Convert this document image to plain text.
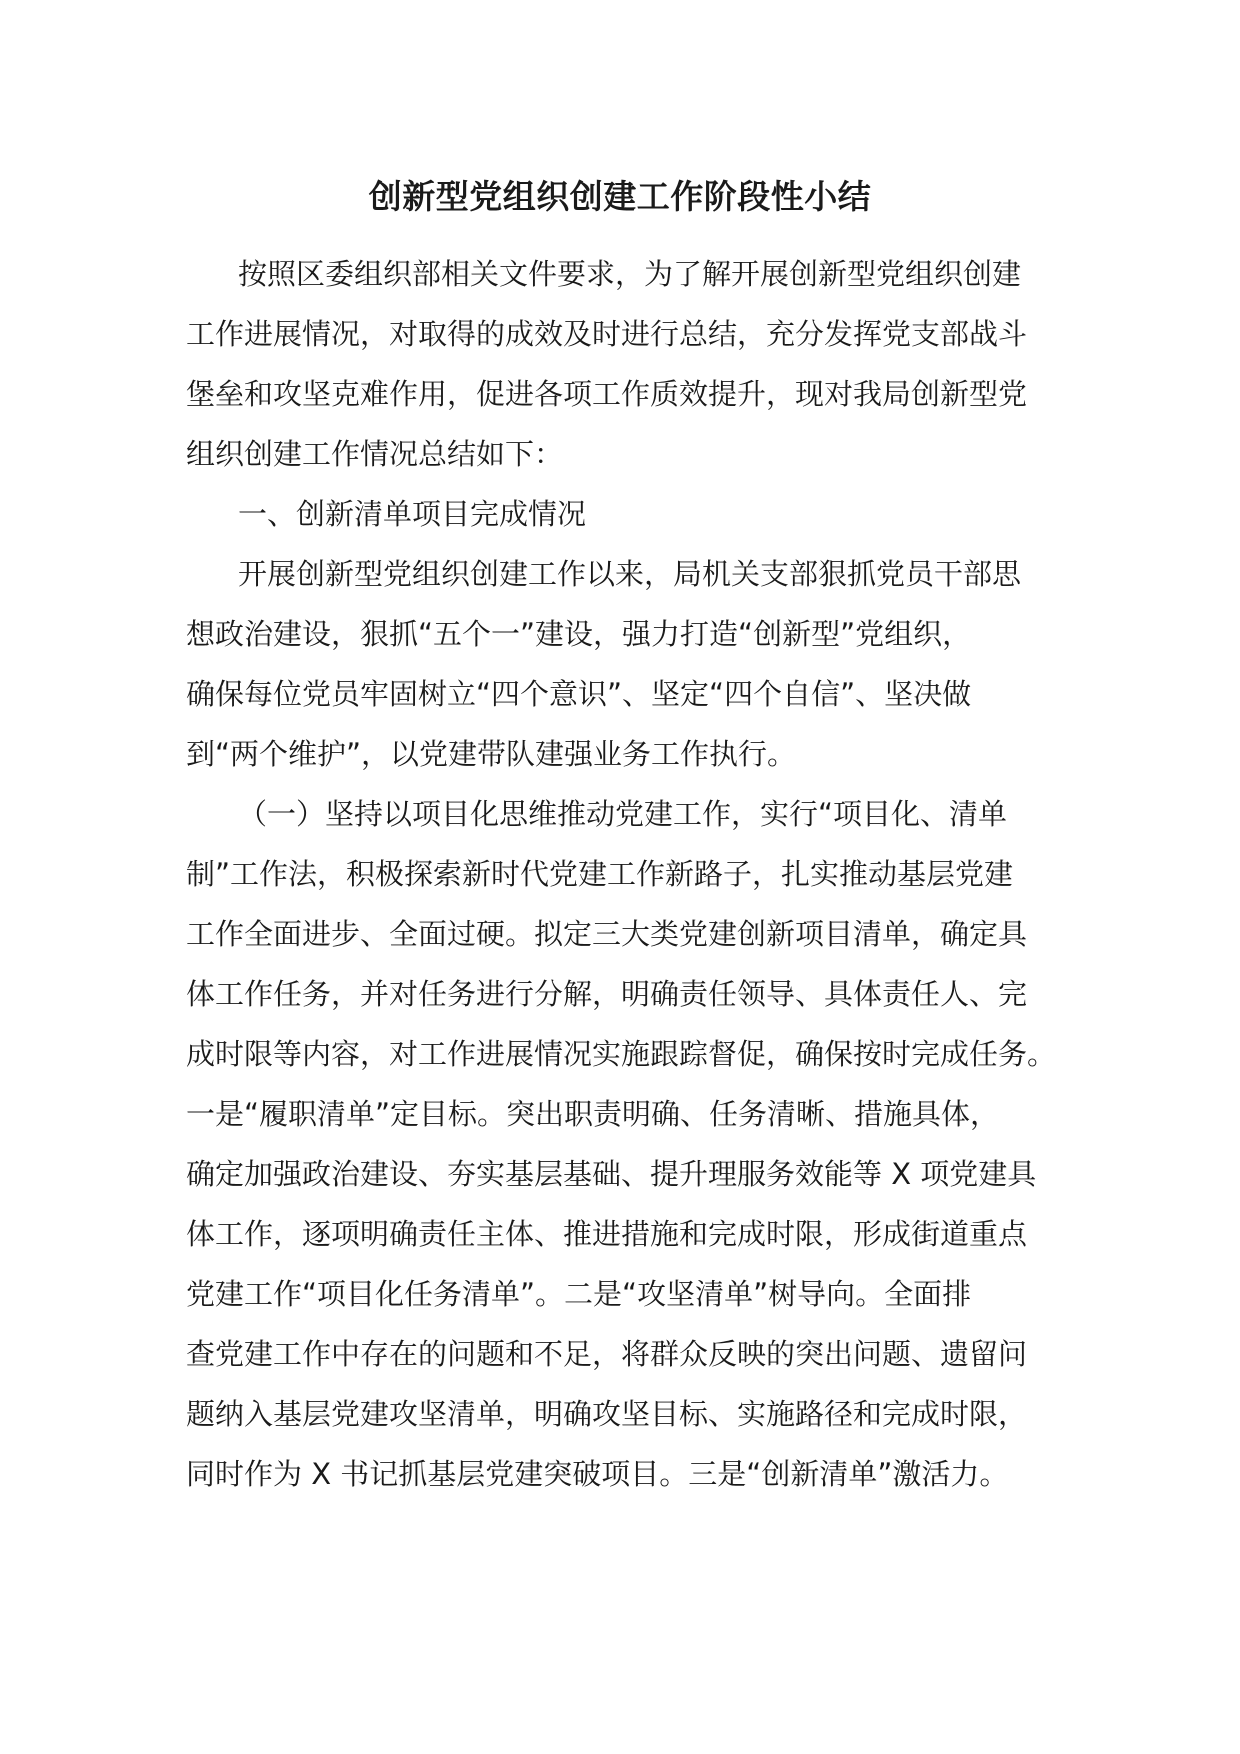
创新型党组织创建工作阶段性小结

按照区委组织部相关文件要求，为了解开展创新型党组织创建

工作进展情况，对取得的成效及时进行总结，充分发挥党支部战斗

堡垒和攻坚克难作用，促进各项工作质效提升，现对我局创新型党

组织创建工作情况总结如下：

一、创新清单项目完成情况

开展创新型党组织创建工作以来，局机关支部狠抓党员干部思

想政治建设，狠抓“五个一”建设，强力打造“创新型”党组织，

确保每位党员牢固树立“四个意识”、坚定“四个自信”、坚决做

到“两个维护”，以党建带队建强业务工作执行。

（一）坚持以项目化思维推动党建工作，实行“项目化、清单

制”工作法，积极探索新时代党建工作新路子，扎实推动基层党建

工作全面进步、全面过硬。拟定三大类党建创新项目清单，确定具

体工作任务，并对任务进行分解，明确责任领导、具体责任人、完

成时限等内容，对工作进展情况实施跟踪督促，确保按时完成任务。

一是“履职清单”定目标。突出职责明确、任务清晰、措施具体，

确定加强政治建设、夯实基层基础、提升理服务效能等 X 项党建具

体工作，逐项明确责任主体、推进措施和完成时限，形成街道重点

党建工作“项目化任务清单”。二是“攻坚清单”树导向。全面排

查党建工作中存在的问题和不足，将群众反映的突出问题、遗留问

题纳入基层党建攻坚清单，明确攻坚目标、实施路径和完成时限，

同时作为 X 书记抓基层党建突破项目。三是“创新清单”激活力。
